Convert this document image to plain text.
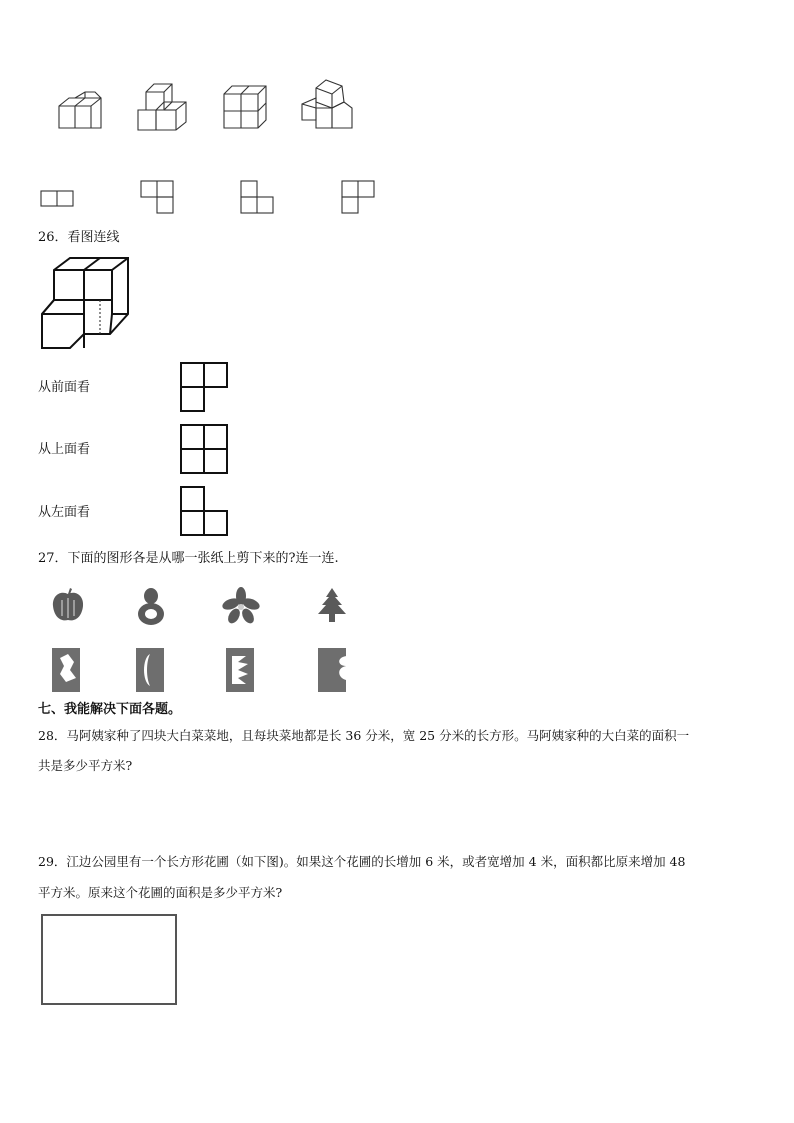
26．看图连线
从前面看
从上面看
从左面看
27．下面的图形各是从哪一张纸上剪下来的?连一连.
七、我能解决下面各题。
28．马阿姨家种了四块大白菜菜地，且每块菜地都是长 36 分米，宽 25 分米的长方形。马阿姨家种的大白菜的面积一
共是多少平方米?
29．江边公园里有一个长方形花圃（如下图)。如果这个花圃的长增加 6 米，或者宽增加 4 米，面积都比原来增加 48
平方米。原来这个花圃的面积是多少平方米?
